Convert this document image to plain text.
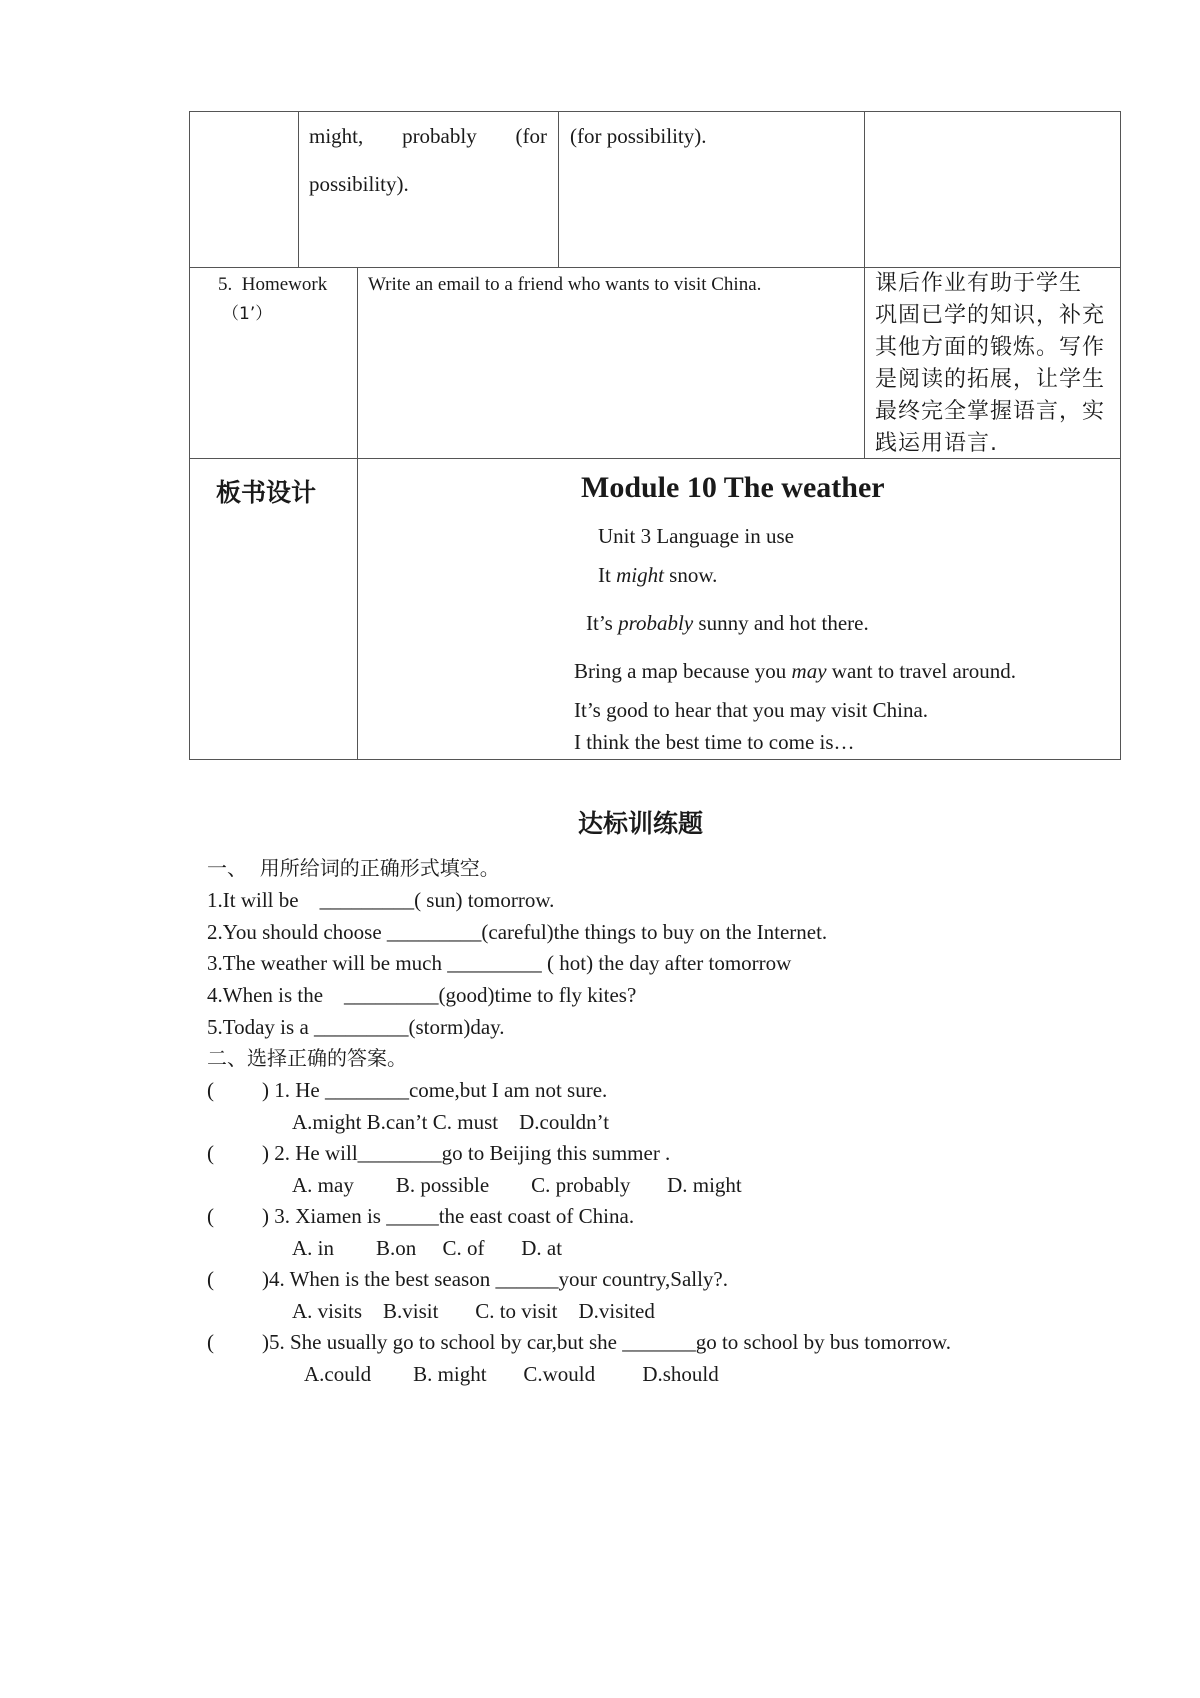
might, probably (for
possibility).
(for possibility).
5.  Homework
（1’）
Write an email to a friend who wants to visit China.	课后作业有助于学生
巩固已学的知识，补充
其他方面的锻炼。写作
是阅读的拓展，让学生
最终完全掌握语言，实
践运用语言.
板书设计	Module 10 The weather
Unit 3 Language in use
It might snow.
It’s probably sunny and hot there.
Bring a map because you may want to travel around.
It’s good to hear that you may visit China.
I think the best time to come is…
达标训练题
一、  用所给词的正确形式填空。
1.It will be    _________( sun) tomorrow.
2.You should choose _________(careful)the things to buy on the Internet.
3.The weather will be much _________ ( hot) the day after tomorrow
4.When is the    _________(good)time to fly kites?
5.Today is a _________(storm)day.
二、选择正确的答案。
( ) 1. He ________come,but I am not sure.
A.might B.can’t C. must    D.couldn’t
( ) 2. He will________go to Beijing this summer .
A. may        B. possible        C. probably       D. might
( ) 3. Xiamen is _____the east coast of China.
A. in        B.on     C. of       D. at
( )4. When is the best season ______your country,Sally?.
A. visits    B.visit       C. to visit    D.visited
( )5. She usually go to school by car,but she _______go to school by bus tomorrow.
A.could        B. might       C.would         D.should
